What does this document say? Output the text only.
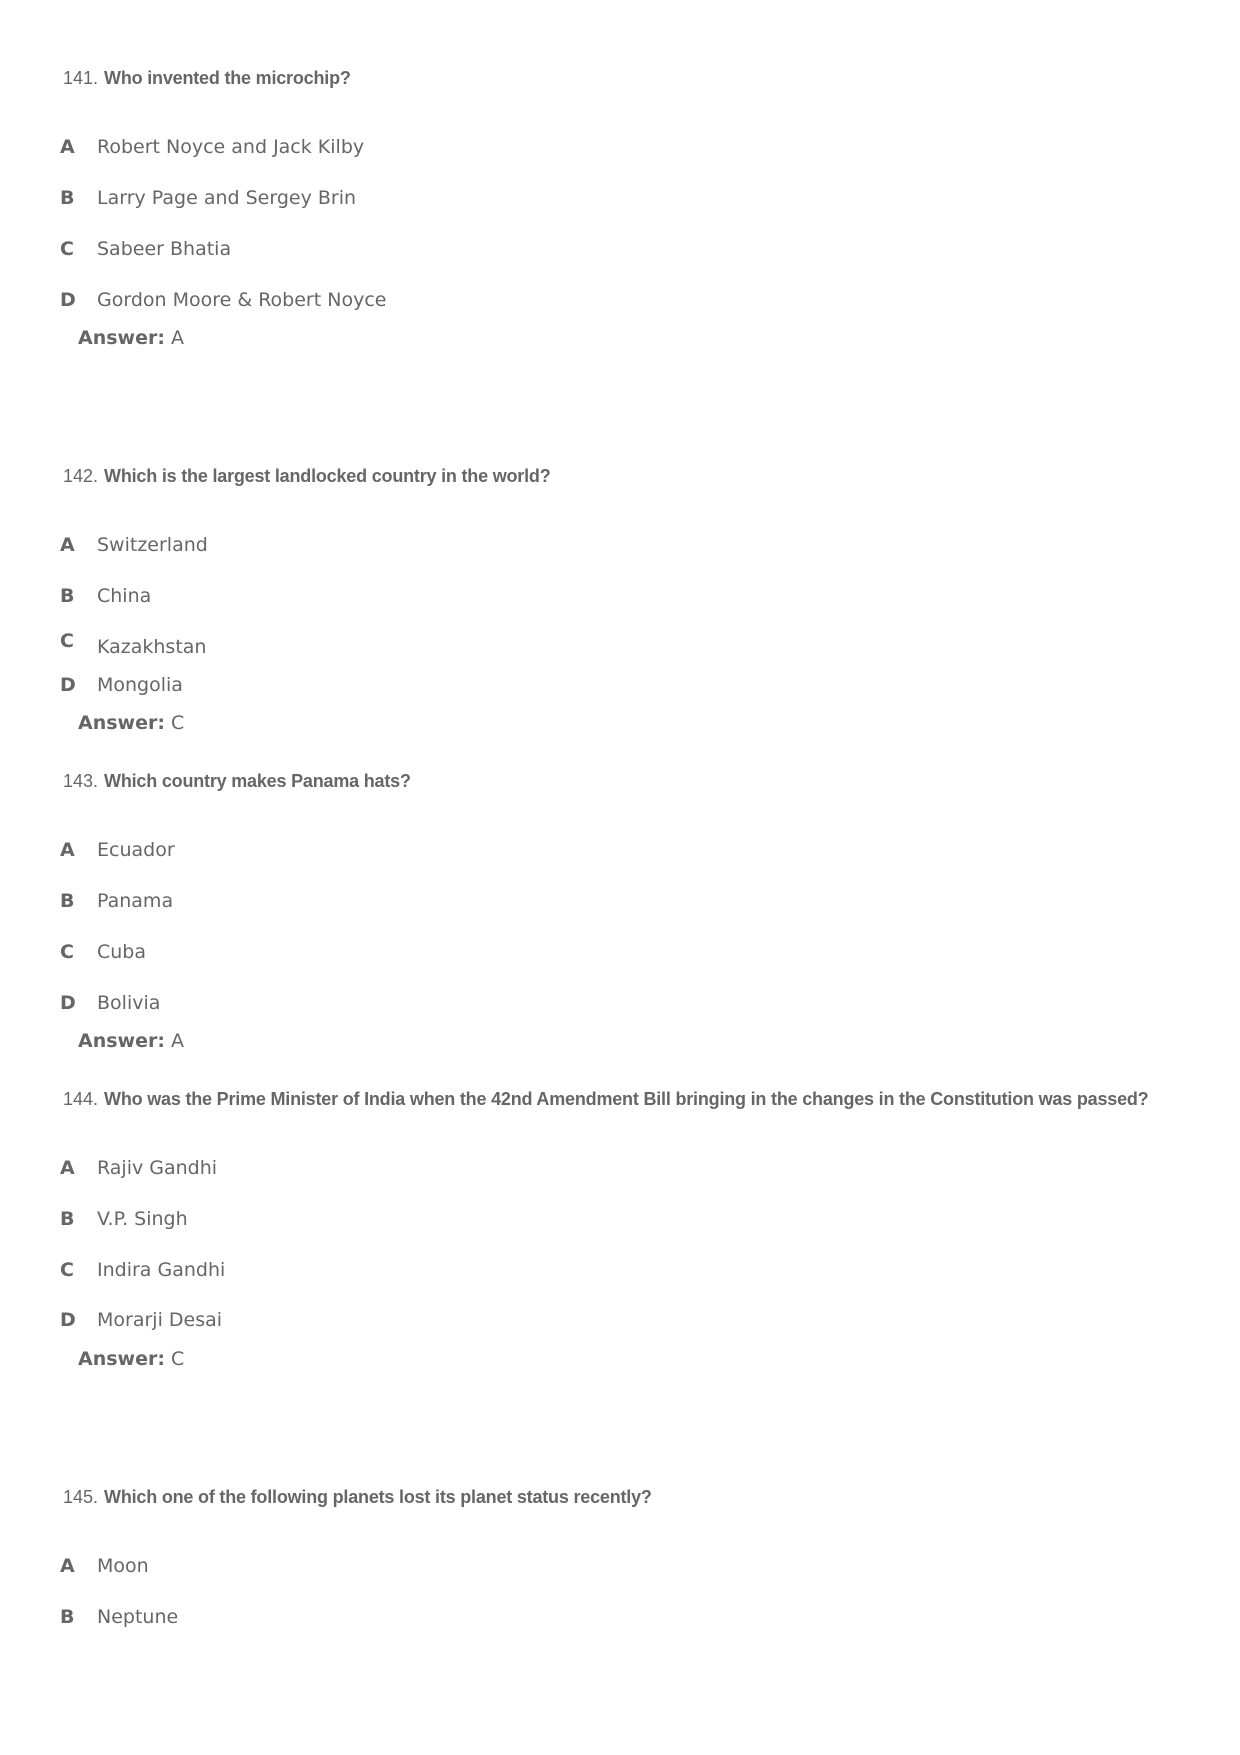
141. Who invented the microchip?
A Robert Noyce and Jack Kilby
B Larry Page and Sergey Brin
C Sabeer Bhatia
D Gordon Moore & Robert Noyce
Answer: A
142. Which is the largest landlocked country in the world?
A Switzerland
B China
C Kazakhstan
D Mongolia
Answer: C
143. Which country makes Panama hats?
A Ecuador
B Panama
C Cuba
D Bolivia
Answer: A
144. Who was the Prime Minister of India when the 42nd Amendment Bill bringing in the changes in the Constitution was passed?
A Rajiv Gandhi
B V.P. Singh
C Indira Gandhi
D Morarji Desai
Answer: C
145. Which one of the following planets lost its planet status recently?
A Moon
B Neptune
